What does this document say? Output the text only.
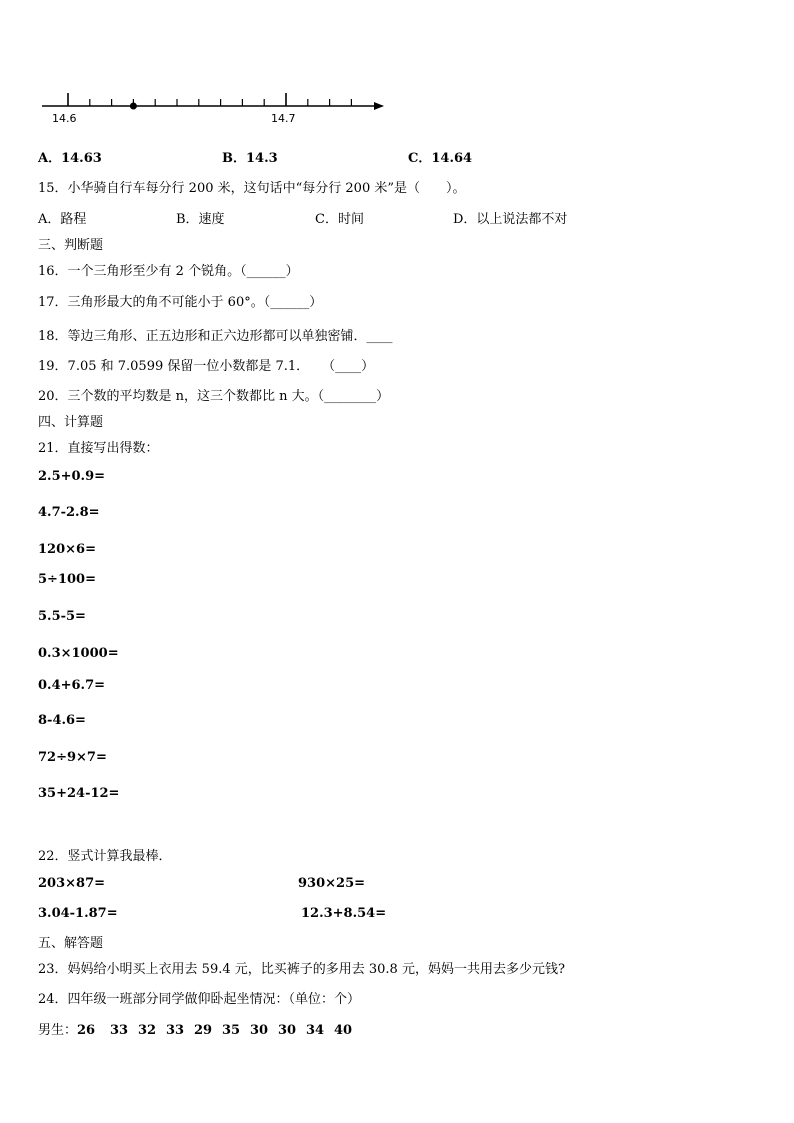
14.6	14.7
A．14.63	B．14.3	C．14.64
15．小华骑自行车每分行 200 米，这句话中“每分行 200 米”是（　　）。
A．路程	B．速度	C．时间	D．以上说法都不对
三、判断题
16．一个三角形至少有 2 个锐角。（______）
17．三角形最大的角不可能小于 60°。（______）
18．等边三角形、正五边形和正六边形都可以单独密铺．____
19．7.05 和 7.0599 保留一位小数都是 7.1．　　（____）
20．三个数的平均数是 n，这三个数都比 n 大。（________）
四、计算题
21．直接写出得数：
2.5+0.9=
4.7-2.8=
120×6=
5÷100=
5.5-5=
0.3×1000=
0.4+6.7=
8-4.6=
72÷9×7=
35+24-12=
22．竖式计算我最棒．
203×87=	930×25=
3.04-1.87=	12.3+8.54=
五、解答题
23．妈妈给小明买上衣用去 59.4 元，比买裤子的多用去 30.8 元，妈妈一共用去多少元钱?
24．四年级一班部分同学做仰卧起坐情况：（单位：个）
男生：26 33 32 33 29 35 30 30 34 40
